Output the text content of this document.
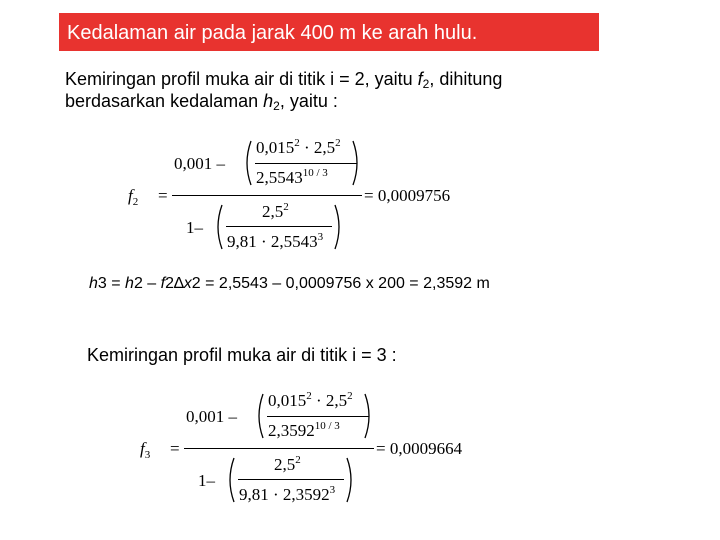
Kedalaman air pada jarak 400 m ke arah hulu.
Kemiringan profil muka air di titik i = 2, yaitu $f_2$, dihitung
berdasarkan kedalaman $h_2$, yaitu :
$f_2$ =
0,001 –
$0,015^2 \cdot 2,5^2$
$2,5543^{10 / 3}$
1–
$2,5^2$
$9,81 \cdot 2,5543^3$
= 0,0009756
h3 = h2 – f2∆x2 = 2,5543 – 0,0009756 x 200 = 2,3592 m
Kemiringan profil muka air di titik i = 3 :
$f_3$ =
0,001 –
$0,015^2 \cdot 2,5^2$
$2,3592^{10 / 3}$
1–
$2,5^2$
$9,81 \cdot 2,3592^3$
= 0,0009664
